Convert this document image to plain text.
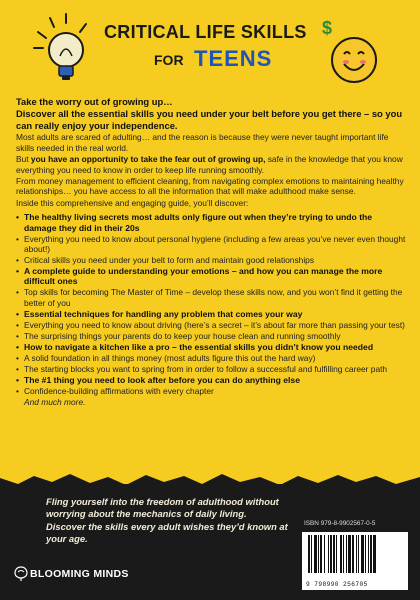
CRITICAL LIFE SKILLS
FOR TEENS
$

Take the worry out of growing up…

Discover all the essential skills you need under your belt before you get there – so you can really enjoy your independence.

Most adults are scared of adulting… and the reason is because they were never taught important life skills needed in the real world.

But you have an opportunity to take the fear out of growing up, safe in the knowledge that you know everything you need to know in order to keep life running smoothly.

From money management to efficient cleaning, from navigating complex emotions to maintaining healthy relationships… you have access to all the information that will make adulthood make sense.

Inside this comprehensive and engaging guide, you’ll discover:

• The healthy living secrets most adults only figure out when they’re trying to undo the damage they did in their 20s
• Everything you need to know about personal hygiene (including a few areas you’ve never even thought about!)
• Critical skills you need under your belt to form and maintain good relationships
• A complete guide to understanding your emotions – and how you can manage the more difficult ones
• Top skills for becoming The Master of Time – develop these skills now, and you won’t find it getting the better of you
• Essential techniques for handling any problem that comes your way
• Everything you need to know about driving (here’s a secret – it’s about far more than passing your test)
• The surprising things your parents do to keep your house clean and running smoothly
• How to navigate a kitchen like a pro – the essential skills you didn’t know you needed
• A solid foundation in all things money (most adults figure this out the hard way)
• The starting blocks you want to spring from in order to follow a successful and fulfilling career path
• The #1 thing you need to look after before you can do anything else
• Confidence-building affirmations with every chapter

And much more.

Fling yourself into the freedom of adulthood without worrying about the mechanics of daily living.

Discover the skills every adult wishes they’d known at your age.

BLOOMING MINDS
ISBN 979-8-9902567-0-5
9 798990 256705
